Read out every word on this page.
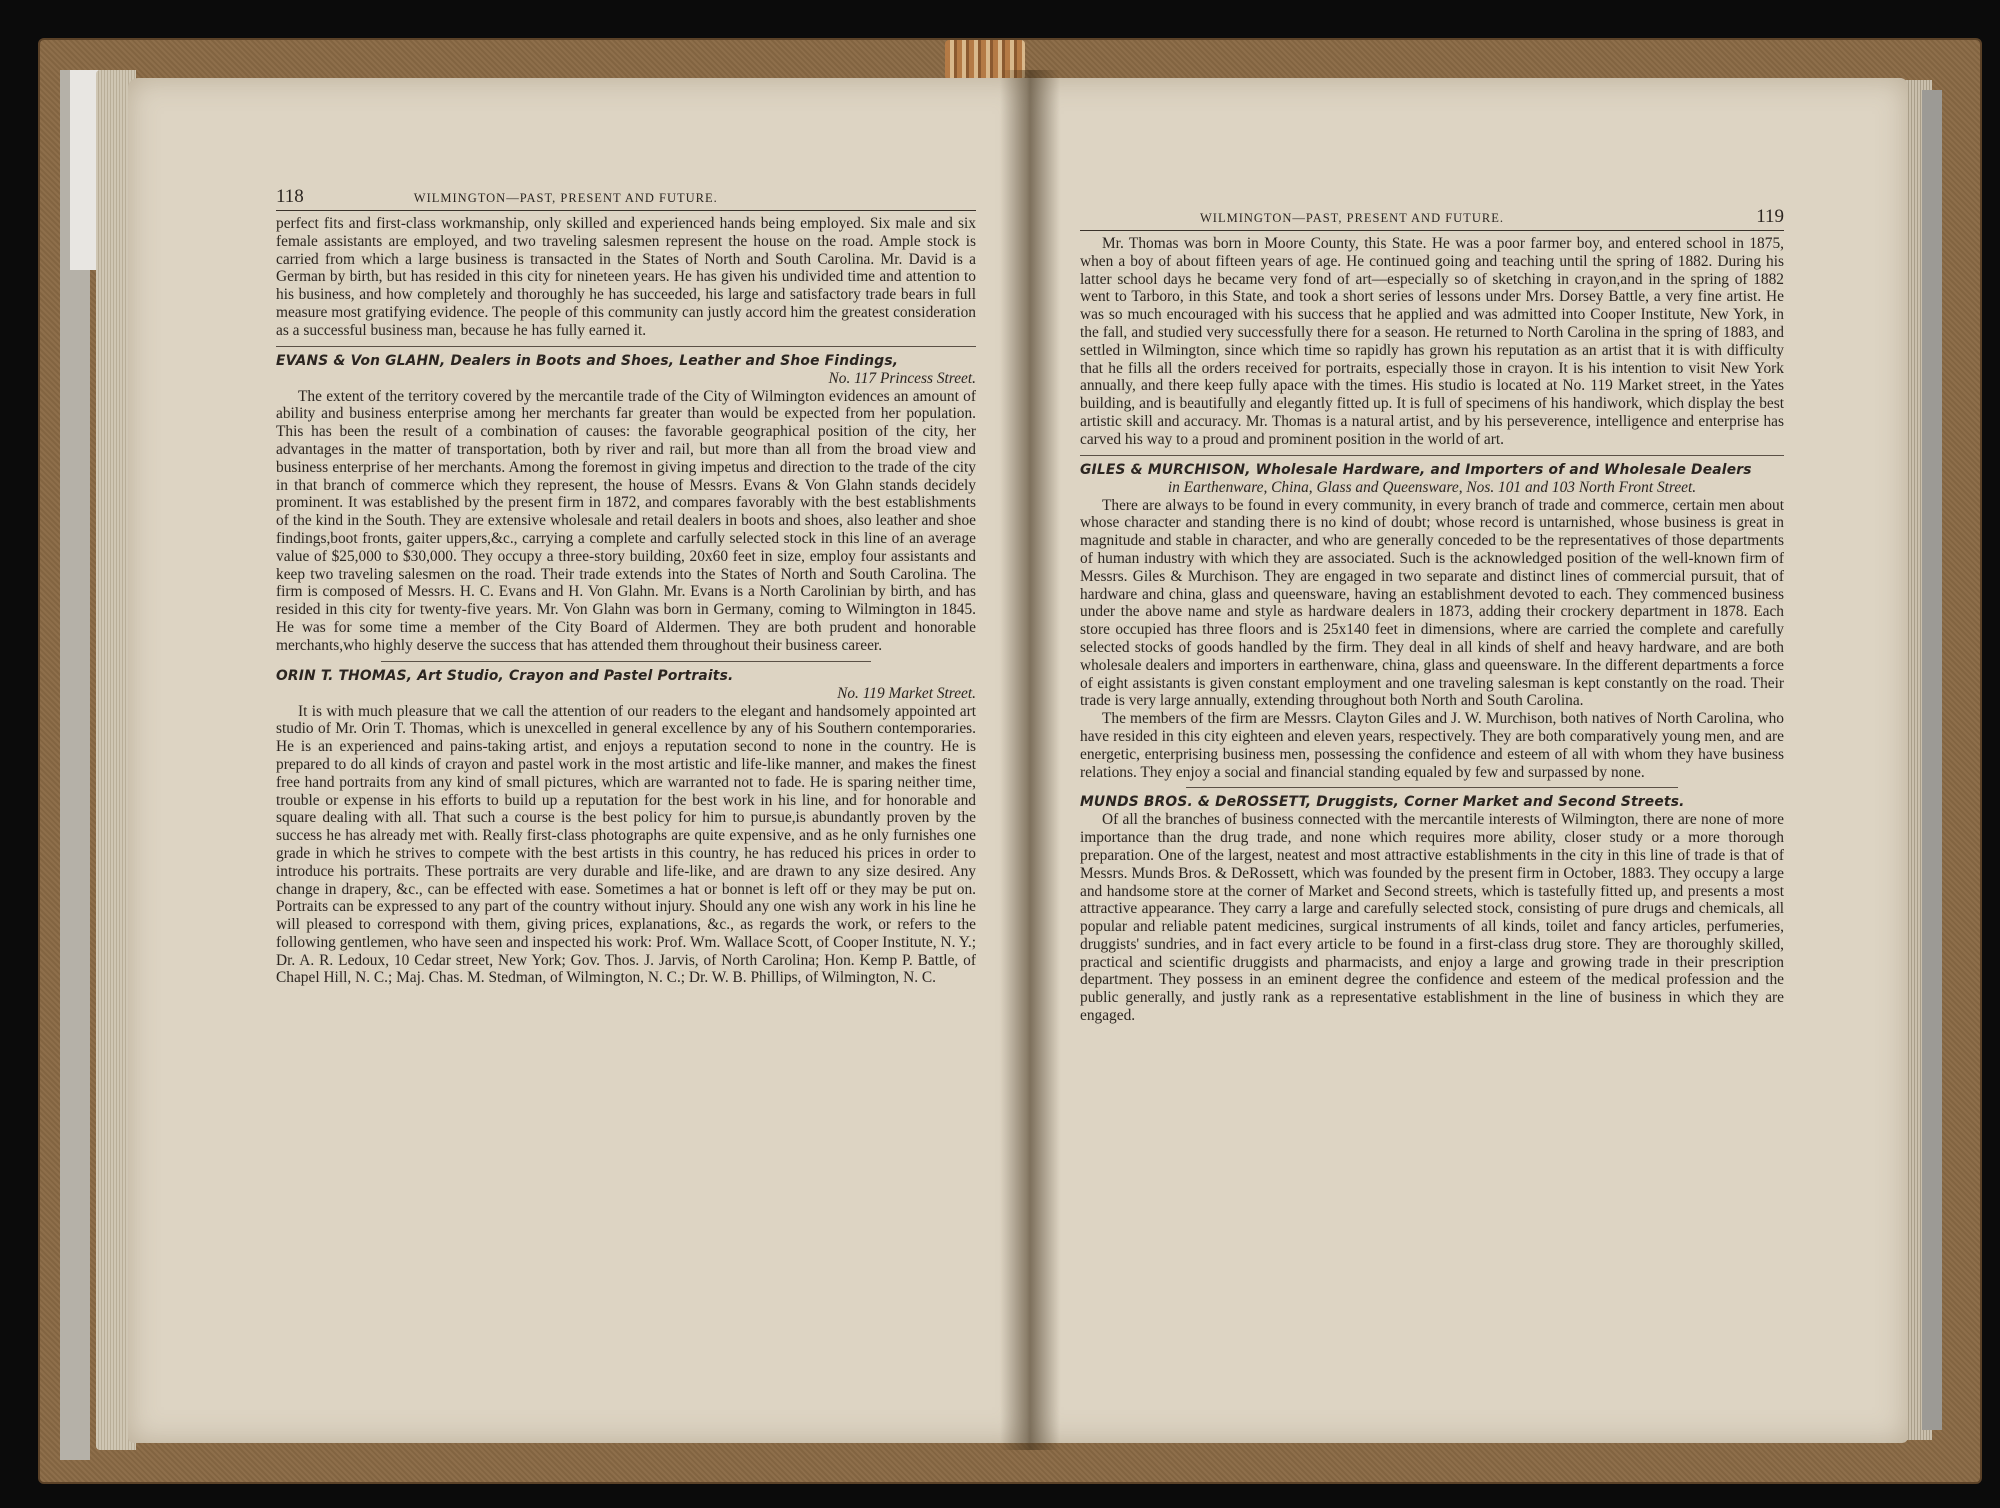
118	WILMINGTON—PAST, PRESENT AND FUTURE.

perfect fits and first-class workmanship, only skilled and experienced hands being employed. Six male and six female assistants are employed, and two traveling salesmen represent the house on the road. Ample stock is carried from which a large business is transacted in the States of North and South Carolina. Mr. David is a German by birth, but has resided in this city for nineteen years. He has given his undivided time and attention to his business, and how completely and thoroughly he has succeeded, his large and satisfactory trade bears in full measure most gratifying evidence. The people of this community can justly accord him the greatest consideration as a successful business man, because he has fully earned it.

EVANS & Von GLAHN, Dealers in Boots and Shoes, Leather and Shoe Findings,
No. 117 Princess Street.

The extent of the territory covered by the mercantile trade of the City of Wilmington evidences an amount of ability and business enterprise among her merchants far greater than would be expected from her population. This has been the result of a combination of causes: the favorable geographical position of the city, her advantages in the matter of transportation, both by river and rail, but more than all from the broad view and business enterprise of her merchants. Among the foremost in giving impetus and direction to the trade of the city in that branch of commerce which they represent, the house of Messrs. Evans & Von Glahn stands decidely prominent. It was established by the present firm in 1872, and compares favorably with the best establishments of the kind in the South. They are extensive wholesale and retail dealers in boots and shoes, also leather and shoe findings,boot fronts, gaiter uppers,&c., carrying a complete and carfully selected stock in this line of an average value of $25,000 to $30,000. They occupy a three-story building, 20x60 feet in size, employ four assistants and keep two traveling salesmen on the road. Their trade extends into the States of North and South Carolina. The firm is composed of Messrs. H. C. Evans and H. Von Glahn. Mr. Evans is a North Carolinian by birth, and has resided in this city for twenty-five years. Mr. Von Glahn was born in Germany, coming to Wilmington in 1845. He was for some time a member of the City Board of Aldermen. They are both prudent and honorable merchants,who highly deserve the success that has attended them throughout their business career.

ORIN T. THOMAS, Art Studio, Crayon and Pastel Portraits.
No. 119 Market Street.

It is with much pleasure that we call the attention of our readers to the elegant and handsomely appointed art studio of Mr. Orin T. Thomas, which is unexcelled in general excellence by any of his Southern contemporaries. He is an experienced and pains-taking artist, and enjoys a reputation second to none in the country. He is prepared to do all kinds of crayon and pastel work in the most artistic and life-like manner, and makes the finest free hand portraits from any kind of small pictures, which are warranted not to fade. He is sparing neither time, trouble or expense in his efforts to build up a reputation for the best work in his line, and for honorable and square dealing with all. That such a course is the best policy for him to pursue,is abundantly proven by the success he has already met with. Really first-class photographs are quite expensive, and as he only furnishes one grade in which he strives to compete with the best artists in this country, he has reduced his prices in order to introduce his portraits. These portraits are very durable and life-like, and are drawn to any size desired. Any change in drapery, &c., can be effected with ease. Sometimes a hat or bonnet is left off or they may be put on. Portraits can be expressed to any part of the country without injury. Should any one wish any work in his line he will pleased to correspond with them, giving prices, explanations, &c., as regards the work, or refers to the following gentlemen, who have seen and inspected his work: Prof. Wm. Wallace Scott, of Cooper Institute, N. Y.; Dr. A. R. Ledoux, 10 Cedar street, New York; Gov. Thos. J. Jarvis, of North Carolina; Hon. Kemp P. Battle, of Chapel Hill, N. C.; Maj. Chas. M. Stedman, of Wilmington, N. C.; Dr. W. B. Phillips, of Wilmington, N. C.

WILMINGTON—PAST, PRESENT AND FUTURE.	119

Mr. Thomas was born in Moore County, this State. He was a poor farmer boy, and entered school in 1875, when a boy of about fifteen years of age. He continued going and teaching until the spring of 1882. During his latter school days he became very fond of art—especially so of sketching in crayon,and in the spring of 1882 went to Tarboro, in this State, and took a short series of lessons under Mrs. Dorsey Battle, a very fine artist. He was so much encouraged with his success that he applied and was admitted into Cooper Institute, New York, in the fall, and studied very successfully there for a season. He returned to North Carolina in the spring of 1883, and settled in Wilmington, since which time so rapidly has grown his reputation as an artist that it is with difficulty that he fills all the orders received for portraits, especially those in crayon. It is his intention to visit New York annually, and there keep fully apace with the times. His studio is located at No. 119 Market street, in the Yates building, and is beautifully and elegantly fitted up. It is full of specimens of his handiwork, which display the best artistic skill and accuracy. Mr. Thomas is a natural artist, and by his perseverence, intelligence and enterprise has carved his way to a proud and prominent position in the world of art.

GILES & MURCHISON, Wholesale Hardware, and Importers of and Wholesale Dealers
in Earthenware, China, Glass and Queensware, Nos. 101 and 103 North Front Street.

There are always to be found in every community, in every branch of trade and commerce, certain men about whose character and standing there is no kind of doubt; whose record is untarnished, whose business is great in magnitude and stable in character, and who are generally conceded to be the representatives of those departments of human industry with which they are associated. Such is the acknowledged position of the well-known firm of Messrs. Giles & Murchison. They are engaged in two separate and distinct lines of commercial pursuit, that of hardware and china, glass and queensware, having an establishment devoted to each. They commenced business under the above name and style as hardware dealers in 1873, adding their crockery department in 1878. Each store occupied has three floors and is 25x140 feet in dimensions, where are carried the complete and carefully selected stocks of goods handled by the firm. They deal in all kinds of shelf and heavy hardware, and are both wholesale dealers and importers in earthenware, china, glass and queensware. In the different departments a force of eight assistants is given constant employment and one traveling salesman is kept constantly on the road. Their trade is very large annually, extending throughout both North and South Carolina.

The members of the firm are Messrs. Clayton Giles and J. W. Murchison, both natives of North Carolina, who have resided in this city eighteen and eleven years, respectively. They are both comparatively young men, and are energetic, enterprising business men, possessing the confidence and esteem of all with whom they have business relations. They enjoy a social and financial standing equaled by few and surpassed by none.

MUNDS BROS. & DeROSSETT, Druggists, Corner Market and Second Streets.

Of all the branches of business connected with the mercantile interests of Wilmington, there are none of more importance than the drug trade, and none which requires more ability, closer study or a more thorough preparation. One of the largest, neatest and most attractive establishments in the city in this line of trade is that of Messrs. Munds Bros. & DeRossett, which was founded by the present firm in October, 1883. They occupy a large and handsome store at the corner of Market and Second streets, which is tastefully fitted up, and presents a most attractive appearance. They carry a large and carefully selected stock, consisting of pure drugs and chemicals, all popular and reliable patent medicines, surgical instruments of all kinds, toilet and fancy articles, perfumeries, druggists' sundries, and in fact every article to be found in a first-class drug store. They are thoroughly skilled, practical and scientific druggists and pharmacists, and enjoy a large and growing trade in their prescription department. They possess in an eminent degree the confidence and esteem of the medical profession and the public generally, and justly rank as a representative establishment in the line of business in which they are engaged.
